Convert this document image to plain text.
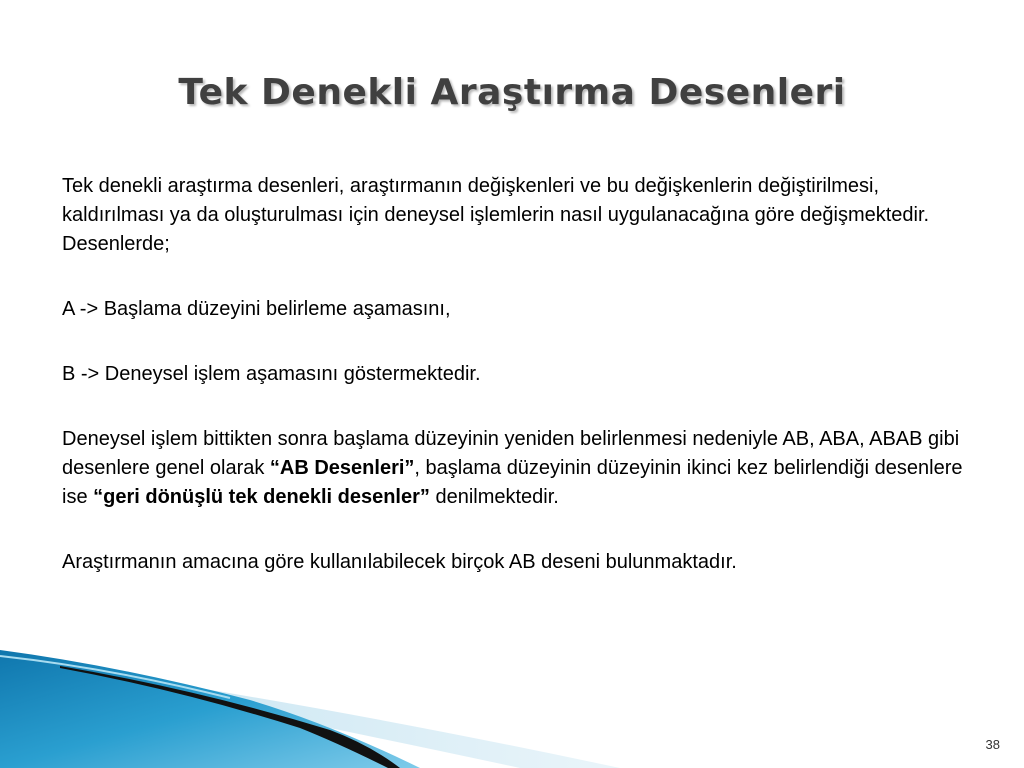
Tek Denekli Araştırma Desenleri

Tek denekli araştırma desenleri, araştırmanın değişkenleri ve bu değişkenlerin değiştirilmesi, kaldırılması ya da oluşturulması için deneysel işlemlerin nasıl uygulanacağına göre değişmektedir. Desenlerde;

A -> Başlama düzeyini belirleme aşamasını,

B -> Deneysel işlem aşamasını göstermektedir.

Deneysel işlem bittikten sonra başlama düzeyinin yeniden belirlenmesi nedeniyle AB, ABA, ABAB gibi desenlere genel olarak “AB Desenleri”, başlama düzeyinin düzeyinin ikinci kez belirlendiği desenlere ise “geri dönüşlü tek denekli desenler” denilmektedir.

Araştırmanın amacına göre kullanılabilecek birçok AB deseni bulunmaktadır.

38
